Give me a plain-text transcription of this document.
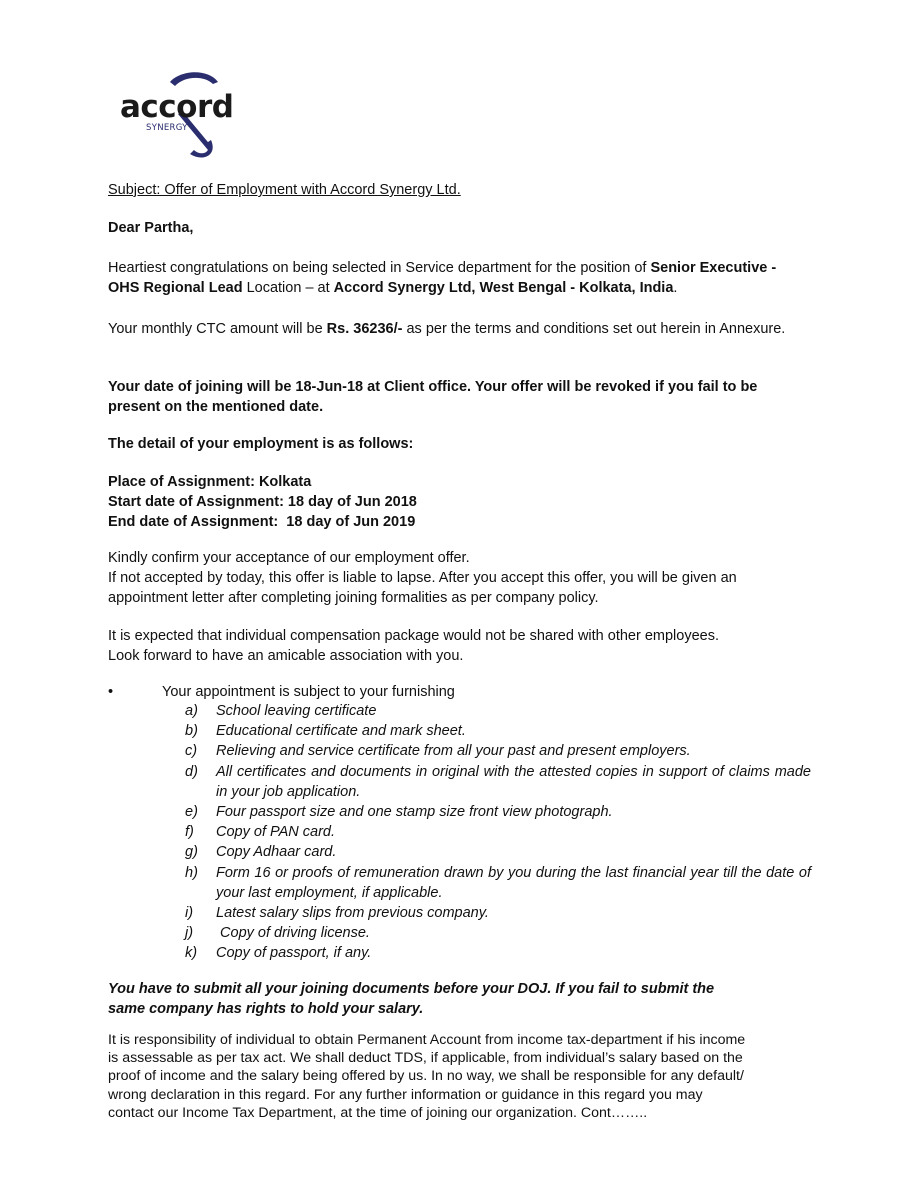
accord
SYNERGY

Subject: Offer of Employment with Accord Synergy Ltd.

Dear Partha,

Heartiest congratulations on being selected in Service department for the position of Senior Executive - OHS Regional Lead Location – at Accord Synergy Ltd, West Bengal - Kolkata, India.

Your monthly CTC amount will be Rs. 36236/- as per the terms and conditions set out herein in Annexure.

Your date of joining will be 18-Jun-18 at Client office. Your offer will be revoked if you fail to be present on the mentioned date.

The detail of your employment is as follows:

Place of Assignment: Kolkata
Start date of Assignment: 18 day of Jun 2018
End date of Assignment:  18 day of Jun 2019
Kindly confirm your acceptance of our employment offer.
If not accepted by today, this offer is liable to lapse. After you accept this offer, you will be given an appointment letter after completing joining formalities as per company policy.
It is expected that individual compensation package would not be shared with other employees.
Look forward to have an amicable association with you.
•	Your appointment is subject to your furnishing
a)	School leaving certificate
b)	Educational certificate and mark sheet.
c)	Relieving and service certificate from all your past and present employers.
d)	All certificates and documents in original with the attested copies in support of claims made in your job application.
e)	Four passport size and one stamp size front view photograph.
f)	Copy of PAN card.
g)	Copy Adhaar card.
h)	Form 16 or proofs of remuneration drawn by you during the last financial year till the date of your last employment, if applicable.
i)	Latest salary slips from previous company.
j)	Copy of driving license.
k)	Copy of passport, if any.

You have to submit all your joining documents before your DOJ. If you fail to submit the same company has rights to hold your salary.

It is responsibility of individual to obtain Permanent Account from income tax-department if his income is assessable as per tax act. We shall deduct TDS, if applicable, from individual’s salary based on the proof of income and the salary being offered by us. In no way, we shall be responsible for any default/ wrong declaration in this regard. For any further information or guidance in this regard you may contact our Income Tax Department, at the time of joining our organization. Cont……..
